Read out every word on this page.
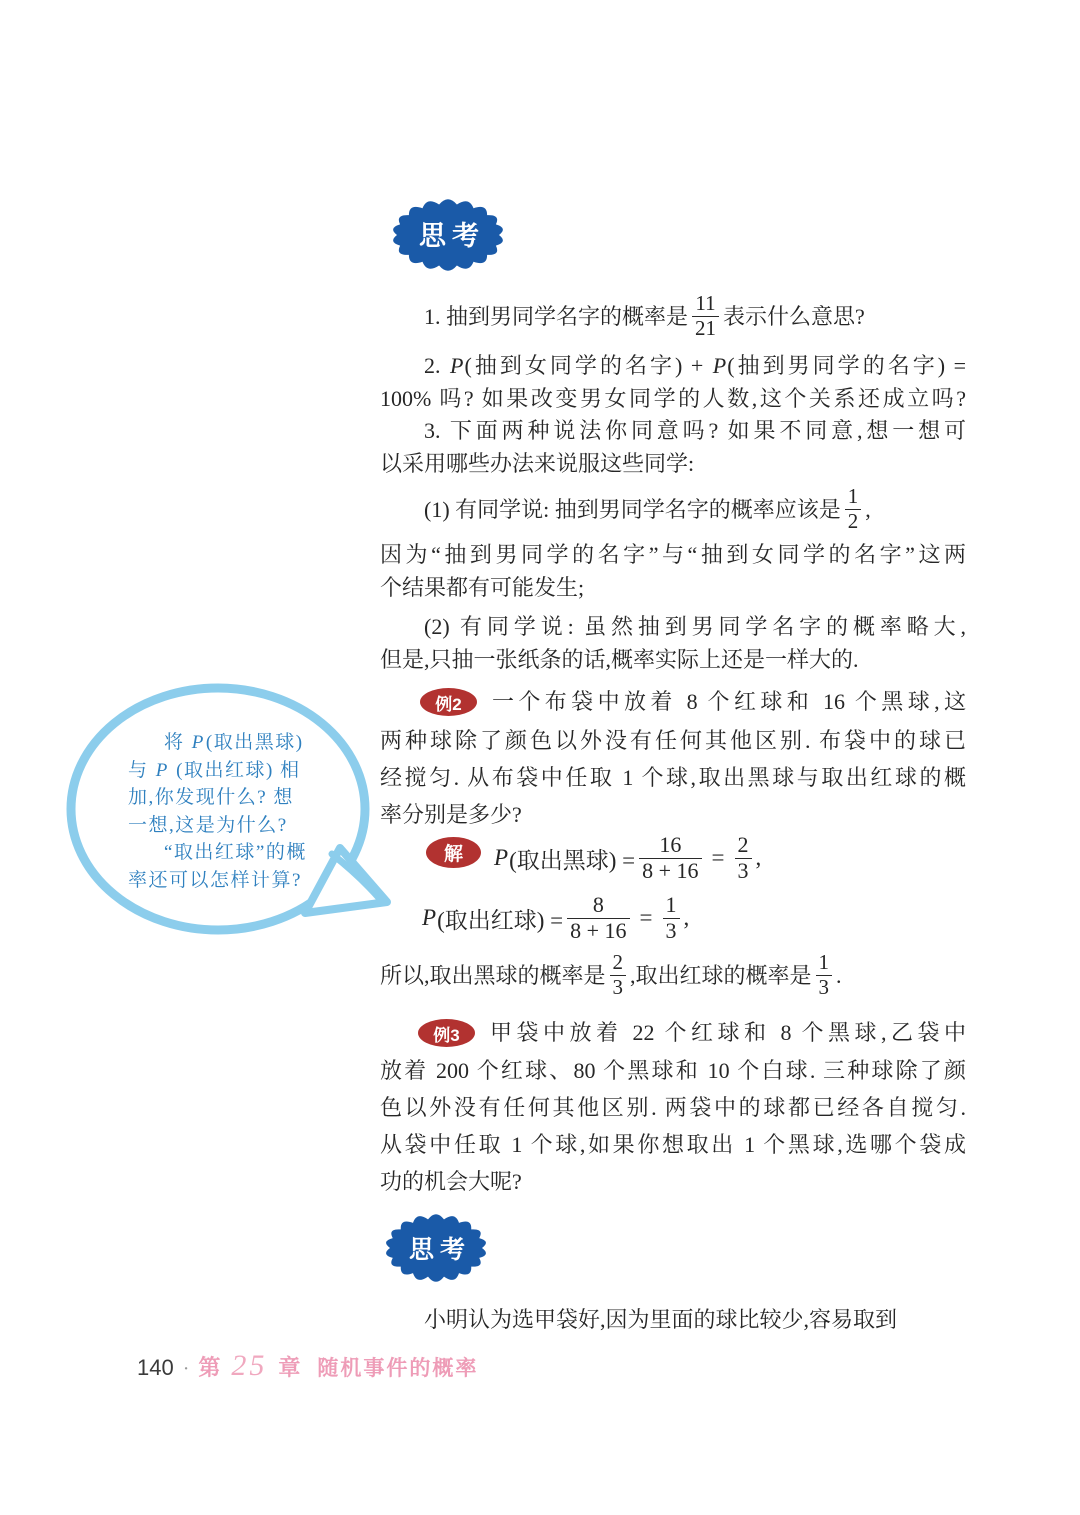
思考
1. 抽到男同学名字的概率是
11
21 表示什么意思?
2. P(抽到女同学的名字) + P(抽到男同学的名字) =
100% 吗? 如果改变男女同学的人数,这个关系还成立吗?
3. 下面两种说法你同意吗? 如果不同意,想一想可
以采用哪些办法来说服这些同学:
(1) 有同学说: 抽到男同学名字的概率应该是
1
2 ,
因为“抽到男同学的名字”与“抽到女同学的名字”这两
个结果都有可能发生;
(2) 有同学说: 虽然抽到男同学名字的概率略大,
但是,只抽一张纸条的话,概率实际上还是一样大的.
例2	一个布袋中放着 8 个红球和 16 个黑球,这
两种球除了颜色以外没有任何其他区别. 布袋中的球已
经搅匀. 从布袋中任取 1 个球,取出黑球与取出红球的概
率分别是多少?
解	P (取出黑球) = $\frac{16}{8 + 16} = \frac{2}{3}$ ,
P (取出红球) = $\frac{8}{8 + 16} = \frac{1}{3}$ ,
所以,取出黑球的概率是
2
3 ,取出红球的概率是
1
3 .
例3	甲袋中放着 22 个红球和 8 个黑球,乙袋中
放着 200 个红球、80 个黑球和 10 个白球. 三种球除了颜
色以外没有任何其他区别. 两袋中的球都已经各自搅匀.
从袋中任取 1 个球,如果你想取出 1 个黑球,选哪个袋成
功的机会大呢?
思考
小明认为选甲袋好,因为里面的球比较少,容易取到
将 P(取出黑球)
与 P (取出红球) 相
加,你发现什么? 想
一想,这是为什么?
“取出红球”的概
率还可以怎样计算?
140 · 第 25 章 随机事件的概率
